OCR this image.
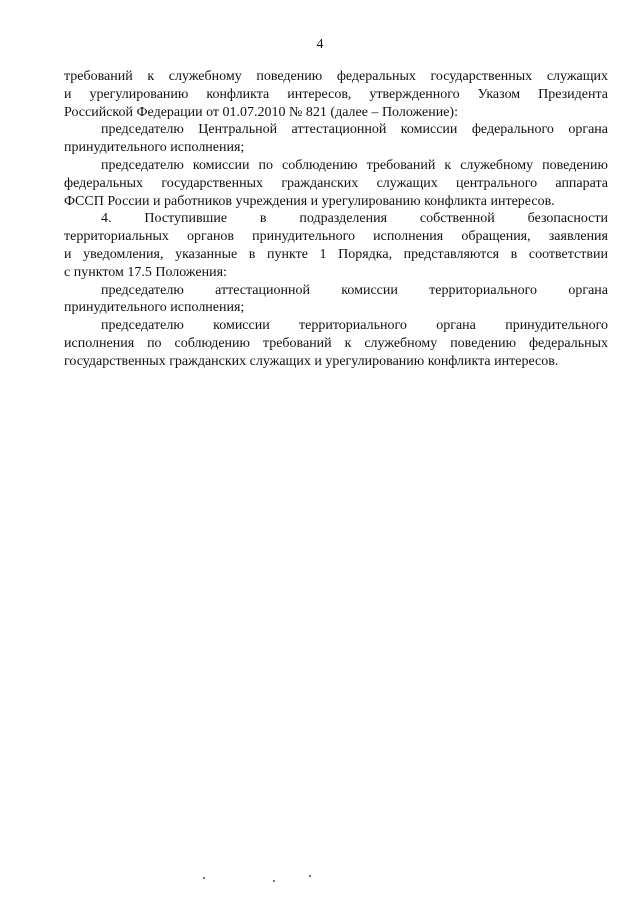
4
требований к служебному поведению федеральных государственных служащих
и урегулированию конфликта интересов, утвержденного Указом Президента
Российской Федерации от 01.07.2010 № 821 (далее – Положение):
председателю Центральной аттестационной комиссии федерального органа
принудительного исполнения;
председателю комиссии по соблюдению требований к служебному поведению
федеральных государственных гражданских служащих центрального аппарата
ФССП России и работников учреждения и урегулированию конфликта интересов.
4. Поступившие в подразделения собственной безопасности
территориальных органов принудительного исполнения обращения, заявления
и уведомления, указанные в пункте 1 Порядка, представляются в соответствии
с пунктом 17.5 Положения:
председателю аттестационной комиссии территориального органа
принудительного исполнения;
председателю комиссии территориального органа принудительного
исполнения по соблюдению требований к служебному поведению федеральных
государственных гражданских служащих и урегулированию конфликта интересов.
